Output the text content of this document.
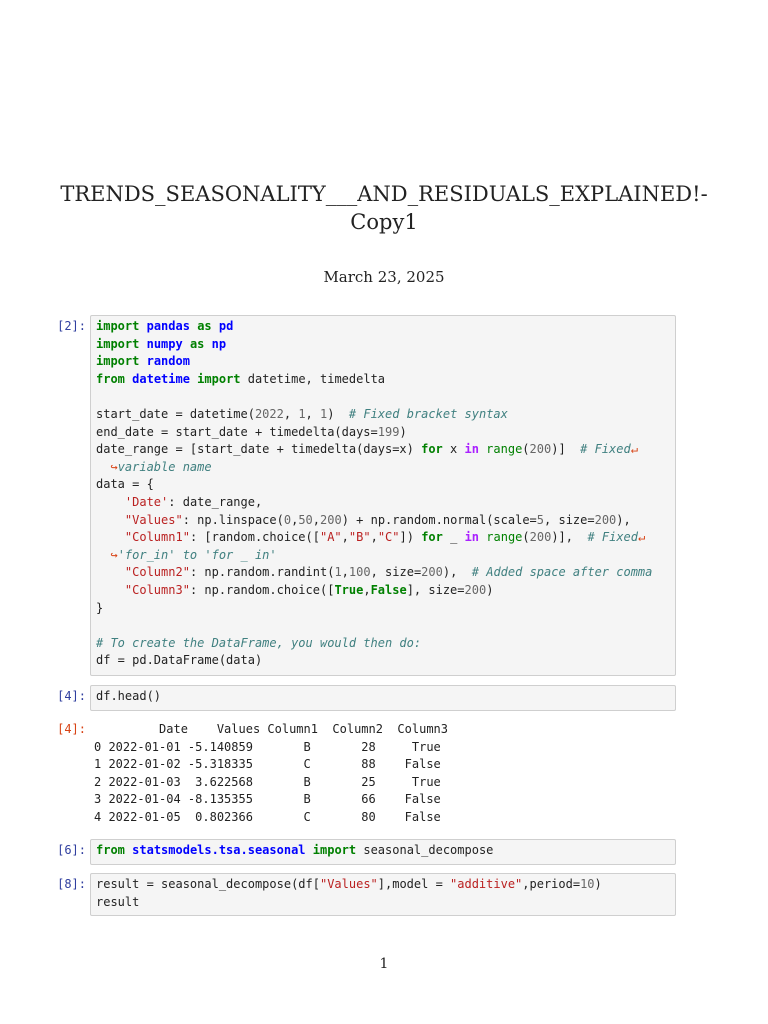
TRENDS_SEASONALITY___AND_RESIDUALS_EXPLAINED!-
Copy1
March 23, 2025
[2]: import pandas as pd
import numpy as np
import random
from datetime import datetime, timedelta

start_date = datetime(2022, 1, 1)  # Fixed bracket syntax
end_date = start_date + timedelta(days=199)
date_range = [start_date + timedelta(days=x) for x in range(200)]  # Fixed↵
↪variable name
data = {
'Date': date_range,
"Values": np.linspace(0,50,200) + np.random.normal(scale=5, size=200),
"Column1": [random.choice(["A","B","C"]) for _ in range(200)],  # Fixed↵
↪'for_in' to 'for _ in'
"Column2": np.random.randint(1,100, size=200),  # Added space after comma
"Column3": np.random.choice([True,False], size=200)
}

# To create the DataFrame, you would then do:
df = pd.DataFrame(data)
[4]: df.head()
[4]: Date    Values Column1  Column2  Column3
0 2022-01-01 -5.140859       B       28     True
1 2022-01-02 -5.318335       C       88    False
2 2022-01-03  3.622568       B       25     True
3 2022-01-04 -8.135355       B       66    False
4 2022-01-05  0.802366       C       80    False
[6]: from statsmodels.tsa.seasonal import seasonal_decompose
[8]: result = seasonal_decompose(df["Values"],model = "additive",period=10)
result
1
